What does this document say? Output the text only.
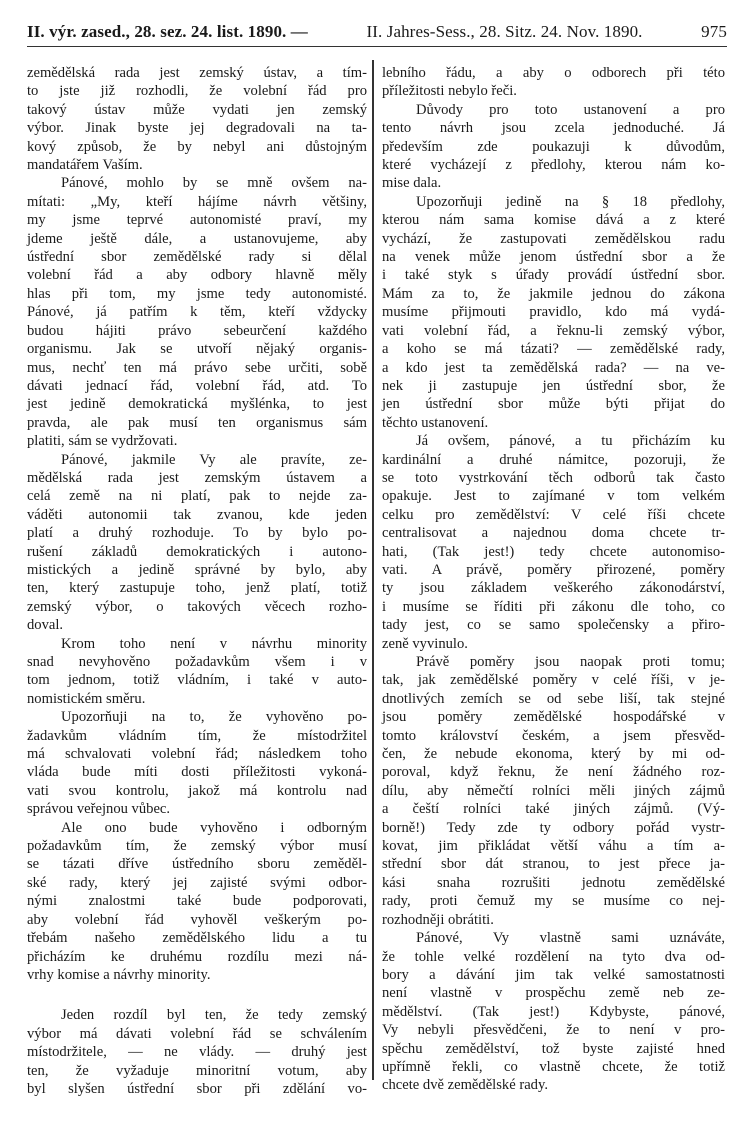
II. výr. zased., 28. sez. 24. list. 1890. —	II. Jahres-Sess., 28. Sitz. 24. Nov. 1890.	975
zemědělská rada jest zemský ústav, a tím-
to jste již rozhodli, že volební řád pro
takový ústav může vydati jen zemský
výbor. Jinak byste jej degradovali na ta-
kový způsob, že by nebyl ani důstojným
mandatářem Vaším.
Pánové, mohlo by se mně ovšem na-
mítati: „My, kteří hájíme návrh většiny,
my jsme teprvé autonomisté praví, my
jdeme ještě dále, a ustanovujeme, aby
ústřední sbor zemědělské rady si dělal
volební řád a aby odbory hlavně měly
hlas při tom, my jsme tedy autonomisté.
Pánové, já patřím k těm, kteří vždycky
budou hájiti právo sebeurčení každého
organismu. Jak se utvoří nějaký organis-
mus, nechť ten má právo sebe určiti, sobě
dávati jednací řád, volební řád, atd. To
jest jedině demokratická myšlénka, to jest
pravda, ale pak musí ten organismus sám
platiti, sám se vydržovati.
Pánové, jakmile Vy ale pravíte, ze-
mědělská rada jest zemským ústavem a
celá země na ni platí, pak to nejde za-
váděti autonomii tak zvanou, kde jeden
platí a druhý rozhoduje. To by bylo po-
rušení základů demokratických i autono-
mistických a jedině správné by bylo, aby
ten, který zastupuje toho, jenž platí, totiž
zemský výbor, o takových věcech rozho-
doval.
Krom toho není v návrhu minority
snad nevyhověno požadavkům všem i v
tom jednom, totiž vládním, i také v auto-
nomistickém směru.
Upozorňuji na to, že vyhověno po-
žadavkům vládním tím, že místodržitel
má schvalovati volební řád; následkem toho
vláda bude míti dosti příležitosti vykoná-
vati svou kontrolu, jakož má kontrolu nad
správou veřejnou vůbec.
Ale ono bude vyhověno i odborným
požadavkům tím, že zemský výbor musí
se tázati dříve ústředního sboru zeměděl-
ské rady, který jej zajisté svými odbor-
nými znalostmi také bude podporovati,
aby volební řád vyhověl veškerým po-
třebám našeho zemědělského lidu a tu
přicházím ke druhému rozdílu mezi ná-
vrhy komise a návrhy minority.
Jeden rozdíl byl ten, že tedy zemský
výbor má dávati volební řád se schválením
místodržitele, — ne vlády. — druhý jest
ten, že vyžaduje minoritní votum, aby
byl slyšen ústřední sbor při zdělání vo-
lebního řádu, a aby o odborech při této
příležitosti nebylo řeči.
Důvody pro toto ustanovení a pro
tento návrh jsou zcela jednoduché. Já
především zde poukazuji k důvodům,
které vycházejí z předlohy, kterou nám ko-
mise dala.
Upozorňuji jedině na § 18 předlohy,
kterou nám sama komise dává a z které
vychází, že zastupovati zemědělskou radu
na venek může jenom ústřední sbor a že
i také styk s úřady provádí ústřední sbor.
Mám za to, že jakmile jednou do zákona
musíme přijmouti pravidlo, kdo má vydá-
vati volební řád, a řeknu-li zemský výbor,
a koho se má tázati? — zemědělské rady,
a kdo jest ta zemědělská rada? — na ve-
nek ji zastupuje jen ústřední sbor, že
jen ústřední sbor může býti přijat do
těchto ustanovení.
Já ovšem, pánové, a tu přicházím ku
kardinální a druhé námitce, pozoruji, že
se toto vystrkování těch odborů tak často
opakuje. Jest to zajímané v tom velkém
celku pro zemědělství: V celé říši chcete
centralisovat a najednou doma chcete tr-
hati, (Tak jest!) tedy chcete autonomiso-
vati. A právě, poměry přirozené, poměry
ty jsou základem veškerého zákonodárství,
i musíme se říditi při zákonu dle toho, co
tady jest, co se samo společensky a přiro-
zeně vyvinulo.
Právě poměry jsou naopak proti tomu;
tak, jak zemědělské poměry v celé říši, v je-
dnotlivých zemích se od sebe liší, tak stejné
jsou poměry zemědělské hospodářské v
tomto království českém, a jsem přesvěd-
čen, že nebude ekonoma, který by mi od-
poroval, když řeknu, že není žádného roz-
dílu, aby němečtí rolníci měli jiných zájmů
a čeští rolníci také jiných zájmů. (Vý-
borně!) Tedy zde ty odbory pořád vystr-
kovat, jim přikládat větší váhu a tím a-
střední sbor dát stranou, to jest přece ja-
kási snaha rozrušiti jednotu zemědělské
rady, proti čemuž my se musíme co nej-
rozhodněji obrátiti.
Pánové, Vy vlastně sami uznáváte,
že tohle velké rozdělení na tyto dva od-
bory a dávání jim tak velké samostatnosti
není vlastně v prospěchu země neb ze-
mědělství. (Tak jest!) Kdybyste, pánové,
Vy nebyli přesvědčeni, že to není v pro-
spěchu zemědělství, tož byste zajisté hned
upřímně řekli, co vlastně chcete, že totiž
chcete dvě zemědělské rady.
